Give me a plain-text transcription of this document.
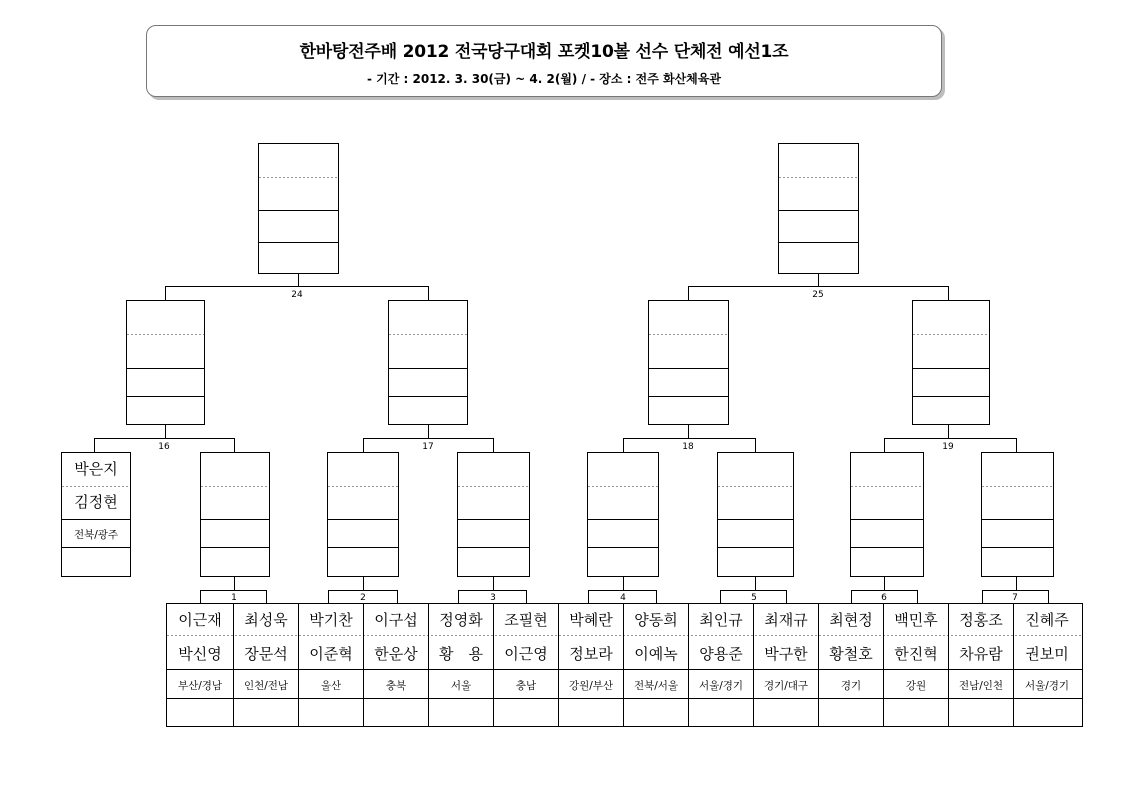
한바탕전주배 2012 전국당구대회 포켓10볼 선수 단체전 예선1조
- 기간 : 2012. 3. 30(금) ~ 4. 2(월) / - 장소 : 전주 화산체육관
24	25
16	17	18	19
박은지
김정현
전북/광주
1	2	3	4	5	6	7
이근재
박신영
부산/경남
최성욱
장문석
인천/전남
박기찬
이준혁
울산
이구섭
한운상
충북
정영화
황　용
서울
조필현
이근영
충남
박혜란
정보라
강원/부산
양동희
이예녹
전북/서울
최인규
양용준
서울/경기
최재규
박구한
경기/대구
최현정
황철호
경기
백민후
한진혁
강원
정홍조
차유람
전남/인천
진혜주
권보미
서울/경기
